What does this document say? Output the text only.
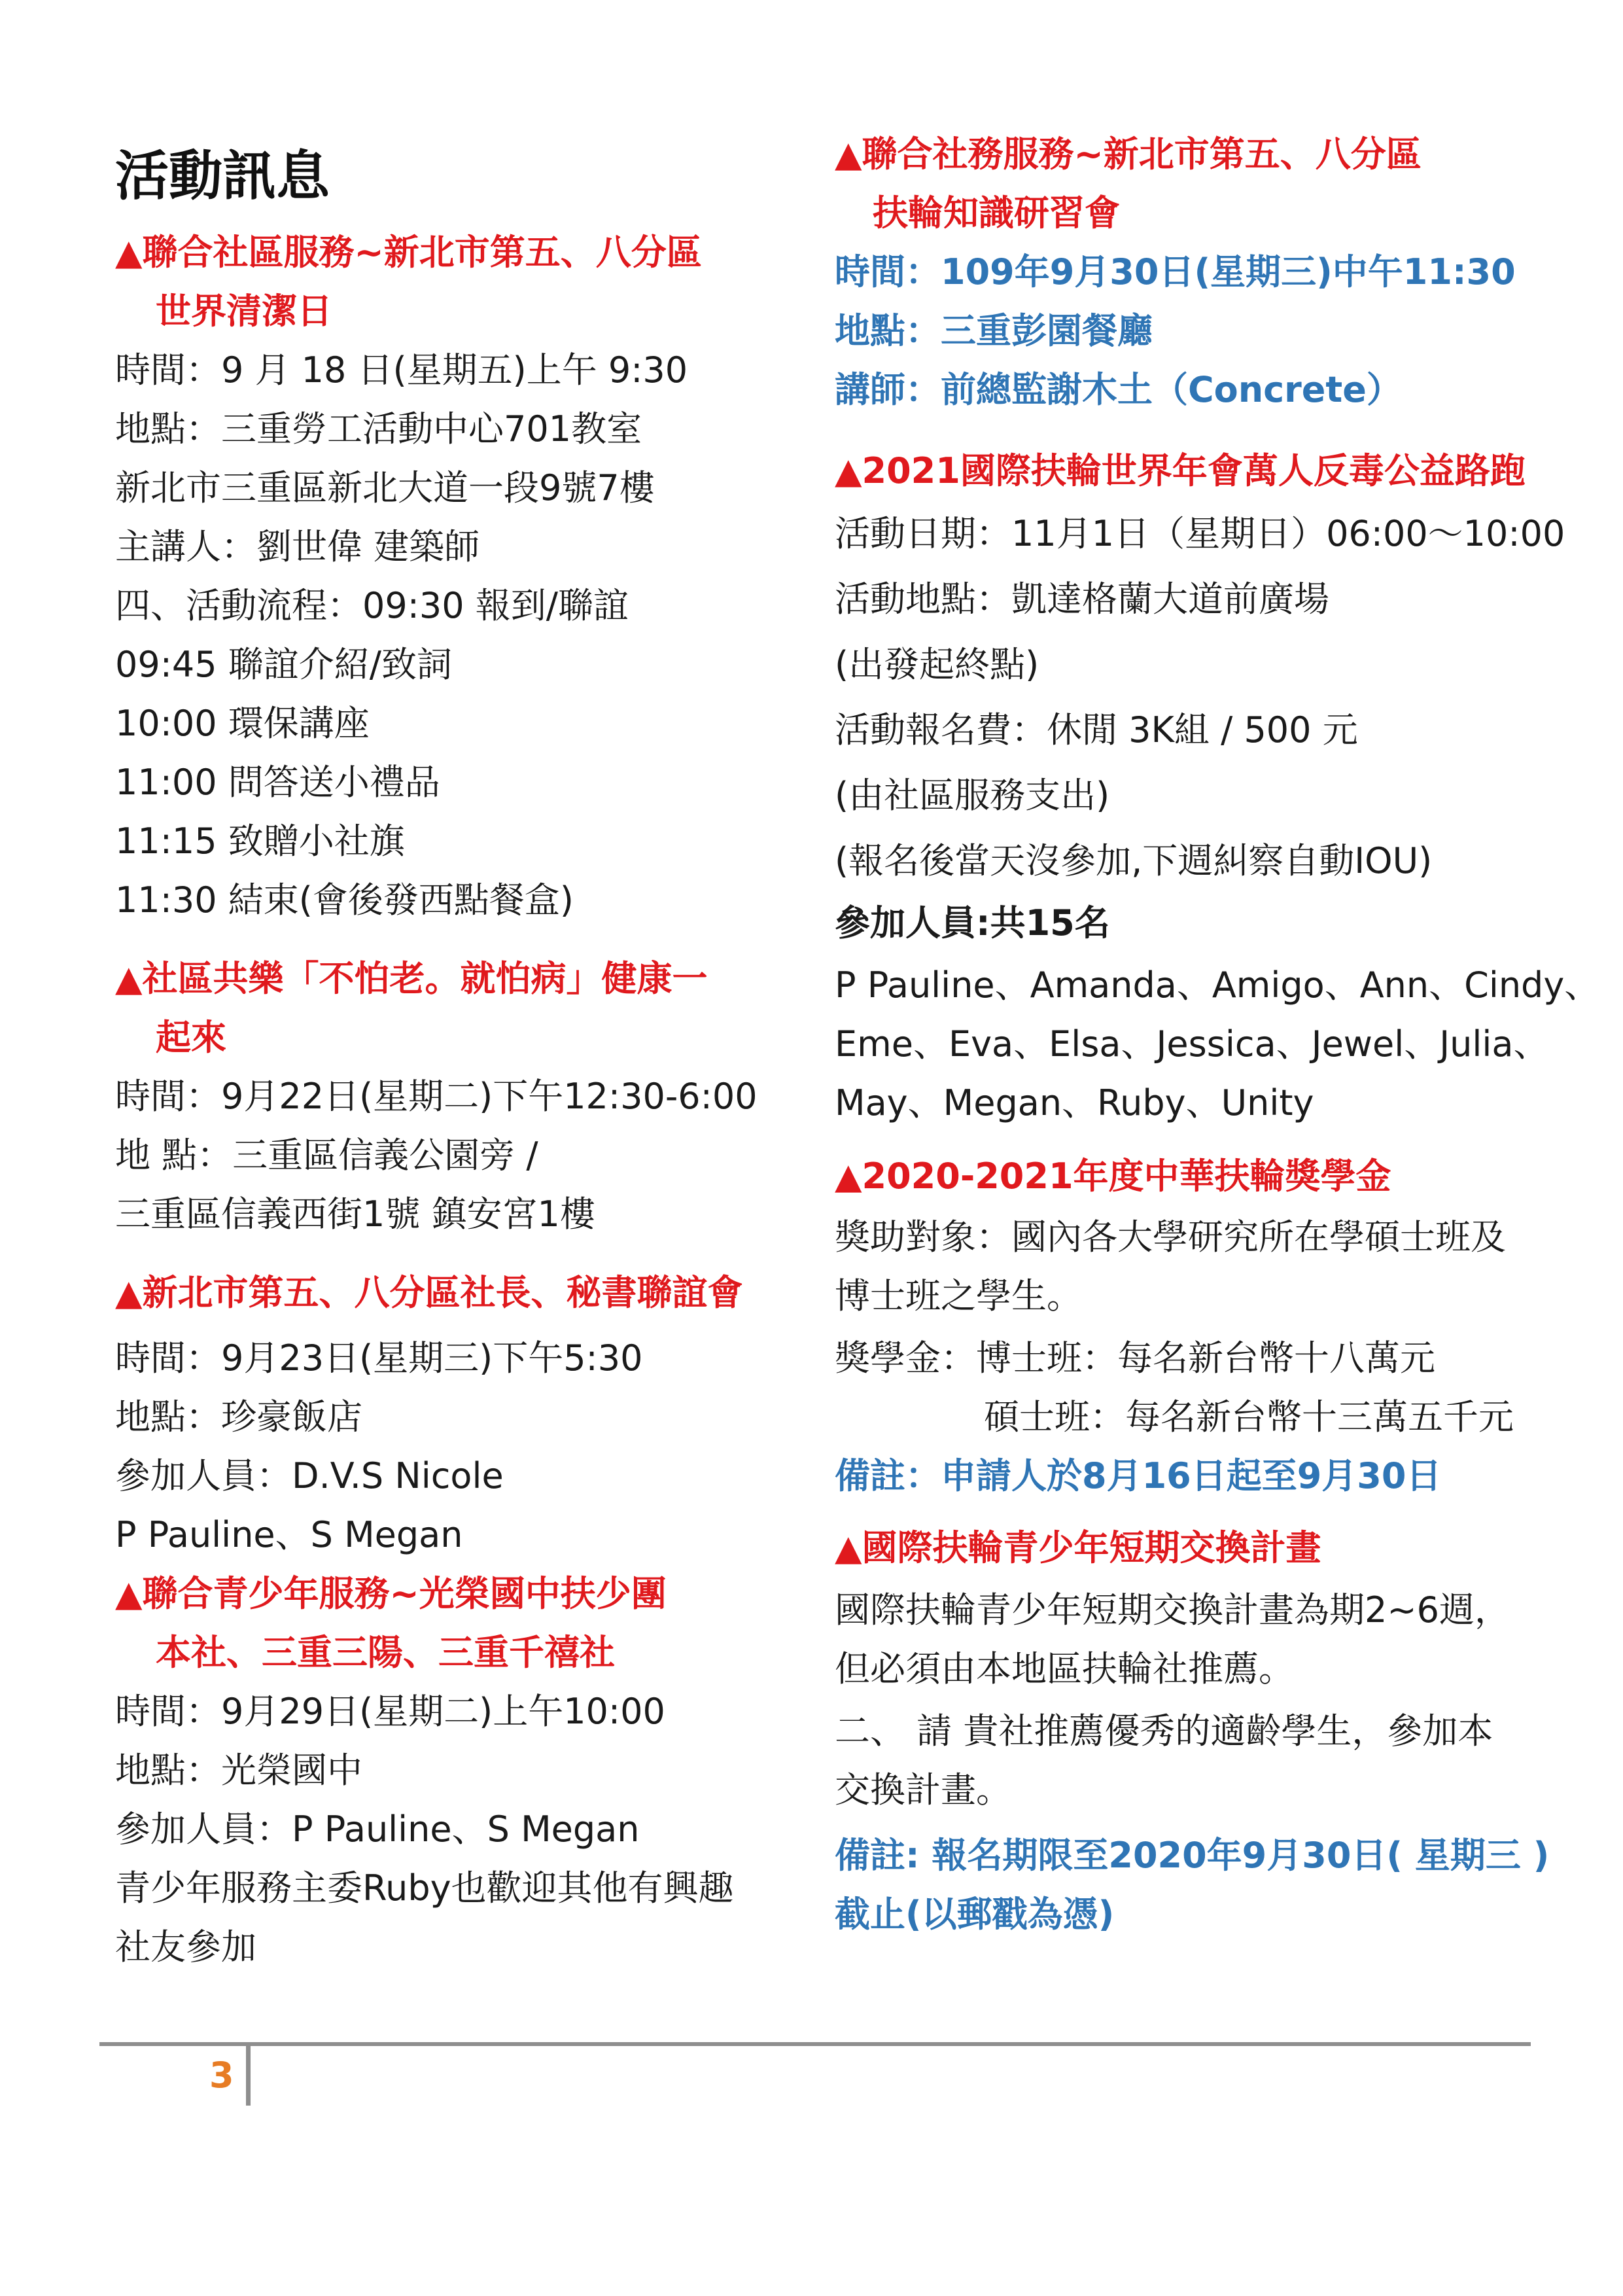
活動訊息
▲聯合社區服務~新北市第五、八分區
世界清潔日
時間：9 月 18 日(星期五)上午 9:30
地點：三重勞工活動中心701教室
新北市三重區新北大道一段9號7樓
主講人：劉世偉 建築師
四、活動流程：09:30 報到/聯誼
09:45 聯誼介紹/致詞
10:00 環保講座
11:00 問答送小禮品
11:15 致贈小社旗
11:30 結束(會後發西點餐盒)
▲社區共樂「不怕老。就怕病」健康一
起來
時間：9月22日(星期二)下午12:30-6:00
地 點：三重區信義公園旁 /
三重區信義西街1號 鎮安宮1樓
▲新北市第五、八分區社長、秘書聯誼會
時間：9月23日(星期三)下午5:30
地點：珍豪飯店
參加人員：D.V.S Nicole
P Pauline、S Megan
▲聯合青少年服務~光榮國中扶少團
本社、三重三陽、三重千禧社
時間：9月29日(星期二)上午10:00
地點：光榮國中
參加人員：P Pauline、S Megan
青少年服務主委Ruby也歡迎其他有興趣
社友參加
▲聯合社務服務~新北市第五、八分區
扶輪知識研習會
時間：109年9月30日(星期三)中午11:30
地點：三重彭園餐廳
講師：前總監謝木土（Concrete）
▲2021國際扶輪世界年會萬人反毒公益路跑
活動日期：11月1日（星期日）06:00～10:00
活動地點：凱達格蘭大道前廣場
(出發起終點)
活動報名費：休閒 3K組 / 500 元
(由社區服務支出)
(報名後當天沒參加,下週糾察自動IOU)
參加人員:共15名
P Pauline、Amanda、Amigo、Ann、Cindy、
Eme、Eva、Elsa、Jessica、Jewel、Julia、
May、Megan、Ruby、Unity
▲2020-2021年度中華扶輪獎學金
獎助對象：國內各大學研究所在學碩士班及
博士班之學生。
獎學金：博士班：每名新台幣十八萬元
碩士班：每名新台幣十三萬五千元
備註：申請人於8月16日起至9月30日
▲國際扶輪青少年短期交換計畫
國際扶輪青少年短期交換計畫為期2~6週，
但必須由本地區扶輪社推薦。
二、 請 貴社推薦優秀的適齡學生，參加本
交換計畫。
備註: 報名期限至2020年9月30日( 星期三 )
截止(以郵戳為憑)
3
